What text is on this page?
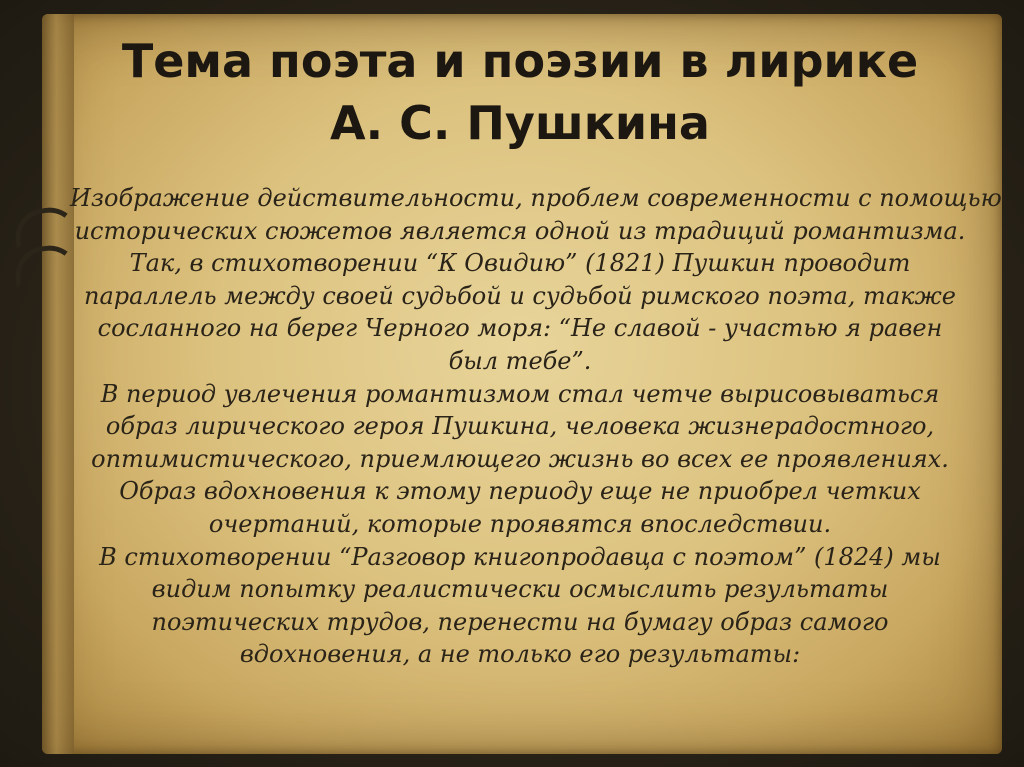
Тема поэта и поэзии в лирике
А. С. Пушкина
Изображение действительности, проблем современности с помощью
исторических сюжетов является одной из традиций романтизма.
Так, в стихотворении “К Овидию” (1821) Пушкин проводит
параллель между своей судьбой и судьбой римского поэта, также
сосланного на берег Черного моря: “Не славой - участью я равен
был тебе”.
В период увлечения романтизмом стал четче вырисовываться
образ лирического героя Пушкина, человека жизнерадостного,
оптимистического, приемлющего жизнь во всех ее проявлениях.
Образ вдохновения к этому периоду еще не приобрел четких
очертаний, которые проявятся впоследствии.
В стихотворении “Разговор книгопродавца с поэтом” (1824) мы
видим попытку реалистически осмыслить результаты
поэтических трудов, перенести на бумагу образ самого
вдохновения, а не только его результаты:
